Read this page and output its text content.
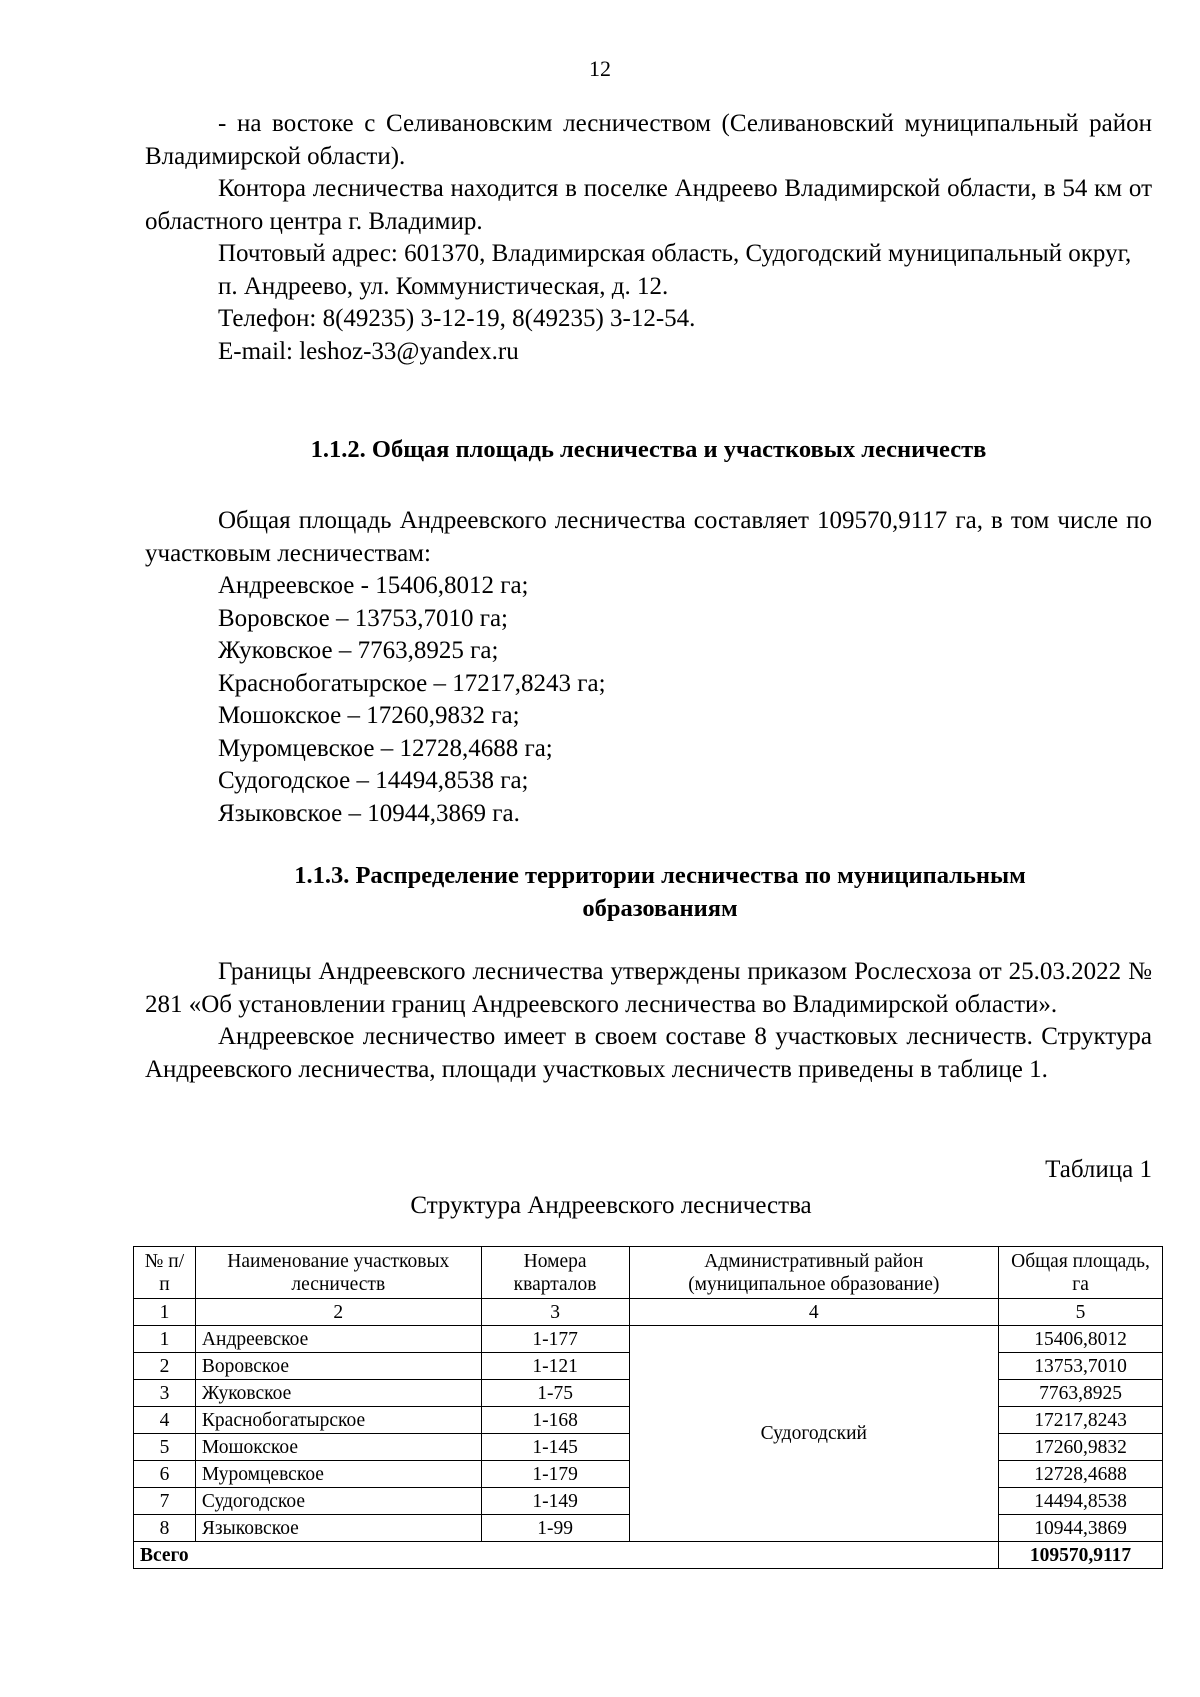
12

- на востоке с Селивановским лесничеством (Селивановский муниципальный район Владимирской области).

Контора лесничества находится в поселке Андреево Владимирской области, в 54 км от областного центра г. Владимир.

Почтовый адрес: 601370, Владимирская область, Судогодский муниципальный округ,

п. Андреево, ул. Коммунистическая, д. 12.

Телефон: 8(49235) 3-12-19, 8(49235) 3-12-54.

E-mail: leshoz-33@yandex.ru

1.1.2. Общая площадь лесничества и участковых лесничеств

Общая площадь Андреевского лесничества составляет 109570,9117 га, в том числе по участковым лесничествам:

Андреевское - 15406,8012 га;

Воровское – 13753,7010 га;

Жуковское – 7763,8925 га;

Краснобогатырское – 17217,8243 га;

Мошокское – 17260,9832 га;

Муромцевское – 12728,4688 га;

Судогодское – 14494,8538 га;

Языковское – 10944,3869 га.

1.1.3. Распределение территории лесничества по муниципальным образованиям

Границы Андреевского лесничества утверждены приказом Рослесхоза от 25.03.2022 № 281 «Об установлении границ Андреевского лесничества во Владимирской области».

Андреевское лесничество имеет в своем составе 8 участковых лесничеств. Структура Андреевского лесничества, площади участковых лесничеств приведены в таблице 1.

Таблица 1
Структура Андреевского лесничества
№ п/п	Наименование участковых лесничеств	Номера кварталов	Административный район (муниципальное образование)	Общая площадь, га
1	2	3	4	5
1	Андреевское	1-177	Судогодский	15406,8012
2	Воровское	1-121		13753,7010
3	Жуковское	1-75		7763,8925
4	Краснобогатырское	1-168		17217,8243
5	Мошокское	1-145		17260,9832
6	Муромцевское	1-179		12728,4688
7	Судогодское	1-149		14494,8538
8	Языковское	1-99		10944,3869
Всего				109570,9117
